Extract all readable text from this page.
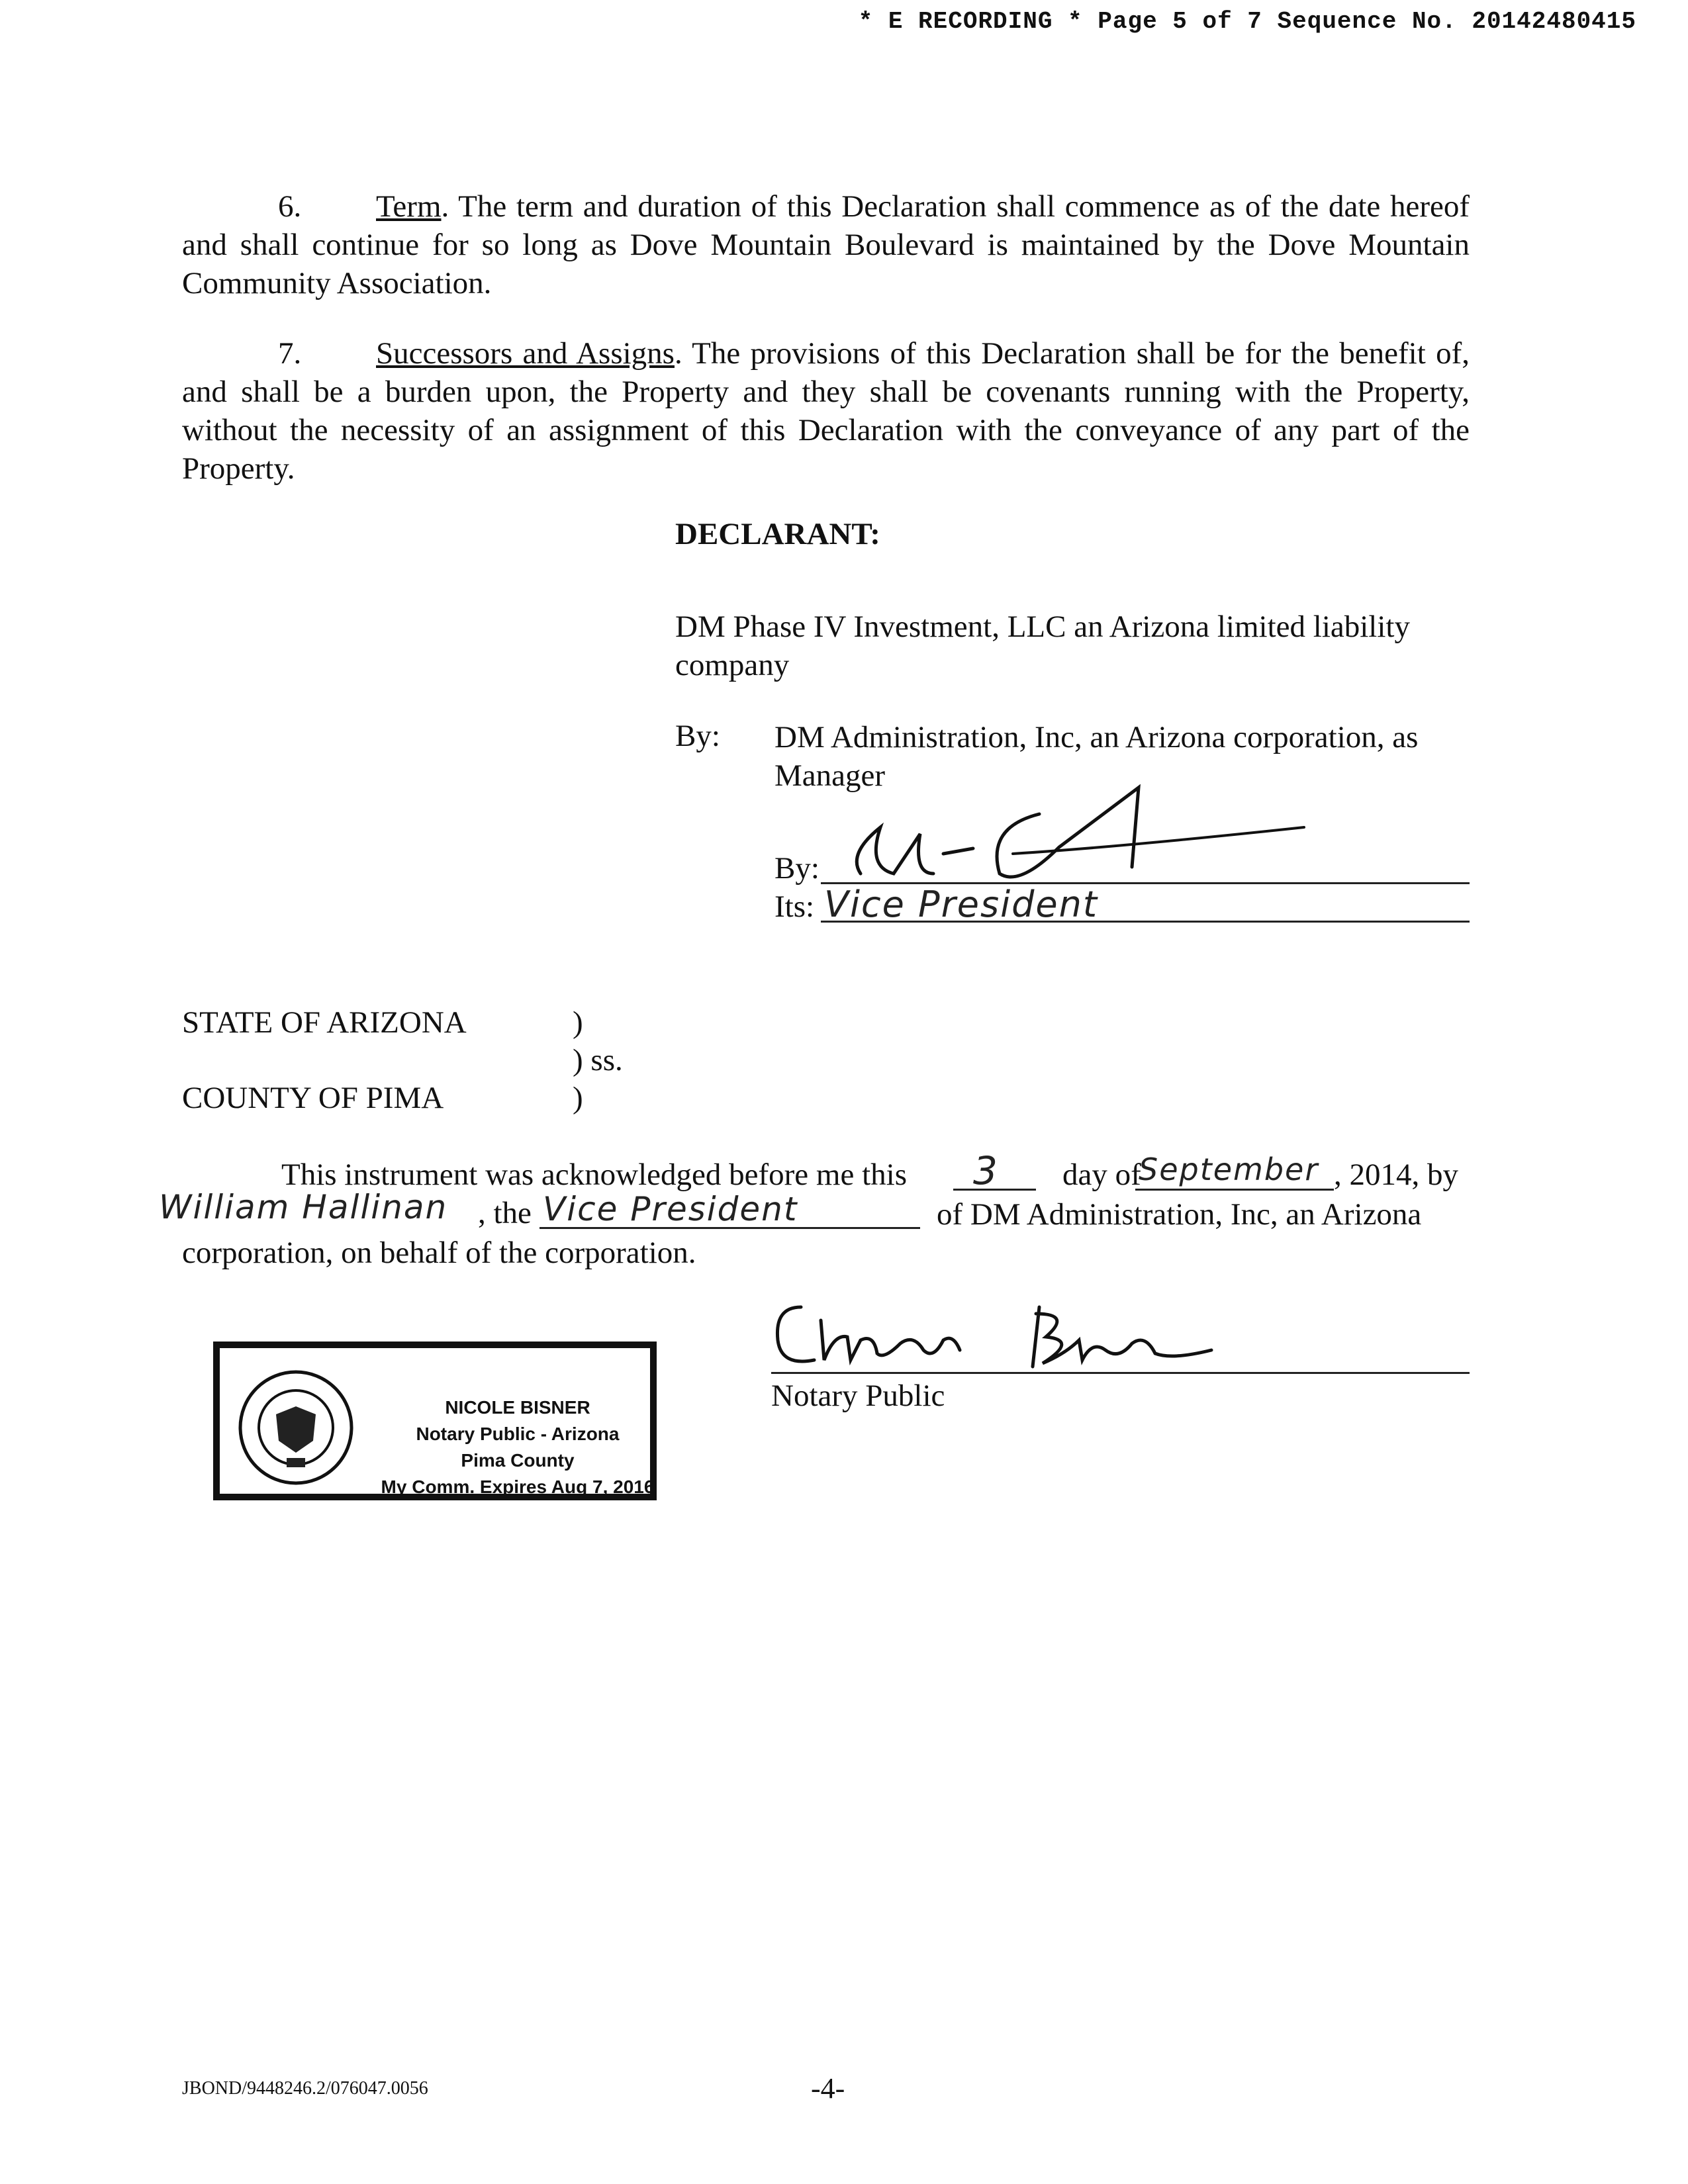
* E RECORDING * Page 5 of 7 Sequence No. 20142480415
6. Term. The term and duration of this Declaration shall commence as of the date hereof and shall continue for so long as Dove Mountain Boulevard is maintained by the Dove Mountain Community Association.
7. Successors and Assigns. The provisions of this Declaration shall be for the benefit of, and shall be a burden upon, the Property and they shall be covenants running with the Property, without the necessity of an assignment of this Declaration with the conveyance of any part of the Property.
DECLARANT:
DM Phase IV Investment, LLC an Arizona limited liability company
By: DM Administration, Inc, an Arizona corporation, as Manager
By:
Its: Vice President
STATE OF ARIZONA
COUNTY OF PIMA
)
) ss.
)
This instrument was acknowledged before me this 3 day of
September , 2014, by
William Hallinan , the Vice President	of DM Administration, Inc, an Arizona corporation, on behalf of the corporation.
Notary Public
NICOLE BISNER
Notary Public - Arizona
Pima County
My Comm. Expires Aug 7, 2016
JBOND/9448246.2/076047.0056	-4-
